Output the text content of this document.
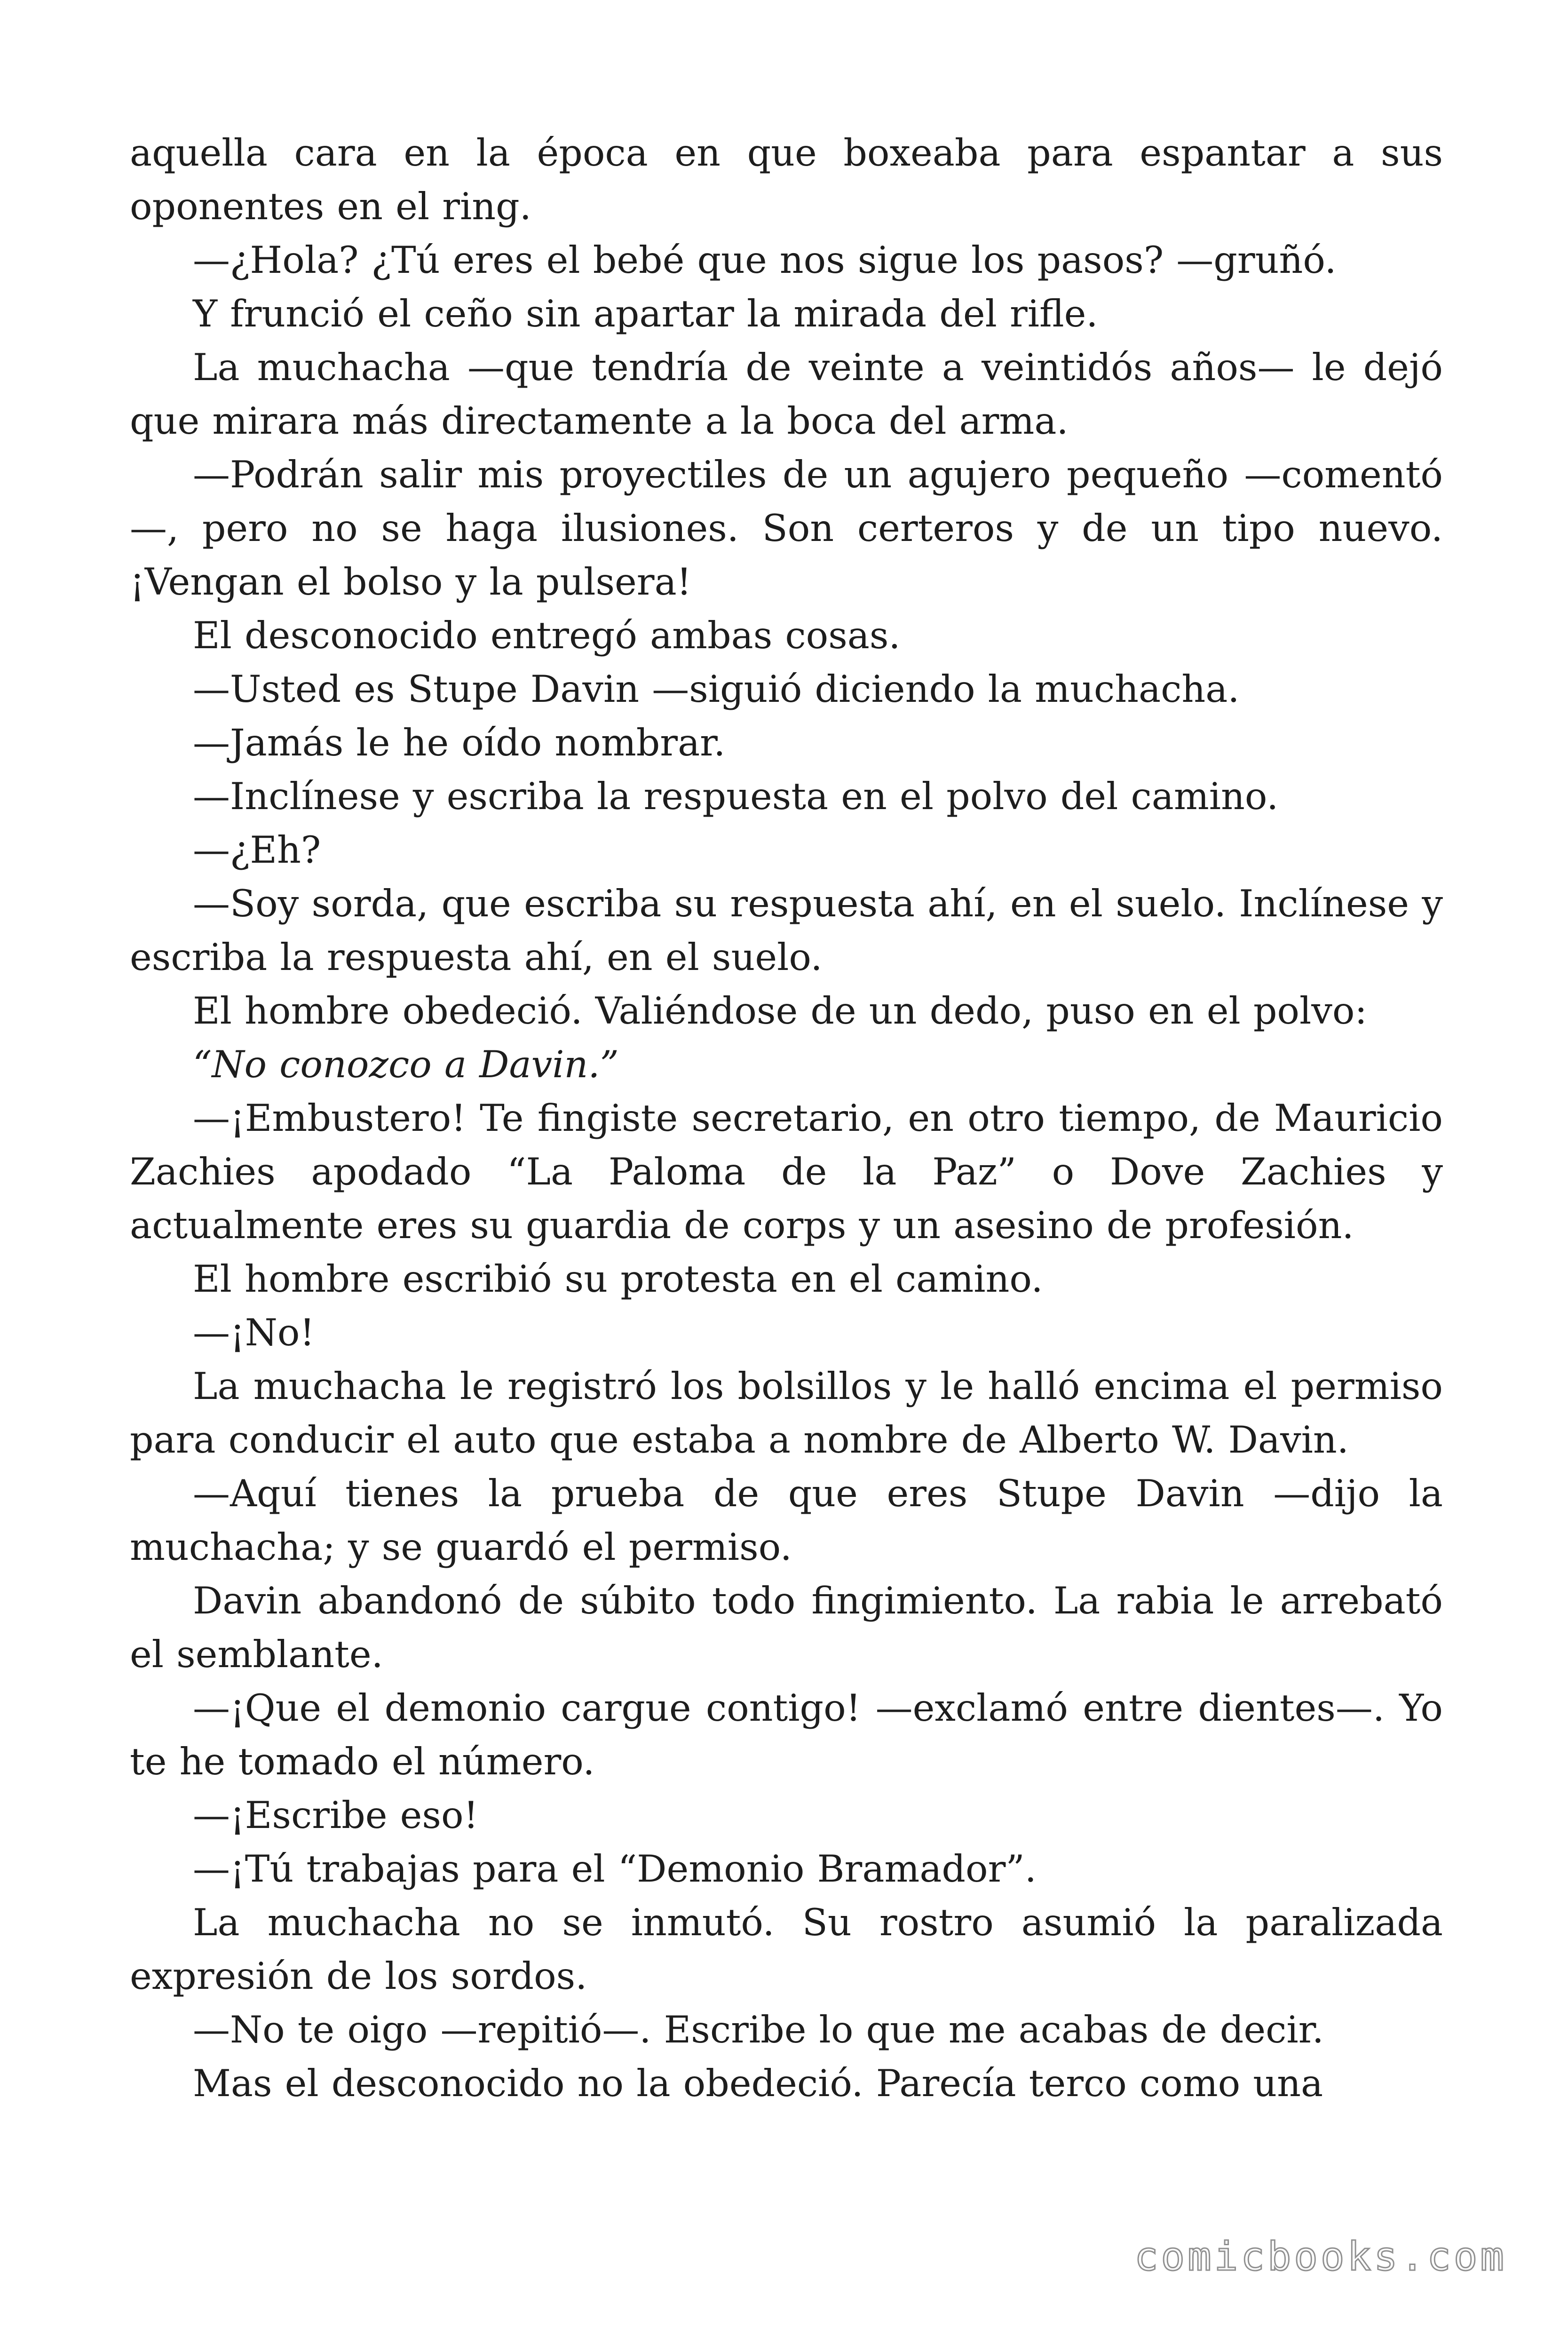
aquella cara en la época en que boxeaba para espantar a sus oponentes en el ring.

—¿Hola? ¿Tú eres el bebé que nos sigue los pasos? —gruñó.

Y frunció el ceño sin apartar la mirada del rifle.

La muchacha —que tendría de veinte a veintidós años— le dejó que mirara más directamente a la boca del arma.

—Podrán salir mis proyectiles de un agujero pequeño —comentó —, pero no se haga ilusiones. Son certeros y de un tipo nuevo. ¡Vengan el bolso y la pulsera!

El desconocido entregó ambas cosas.

—Usted es Stupe Davin —siguió diciendo la muchacha.

—Jamás le he oído nombrar.

—Inclínese y escriba la respuesta en el polvo del camino.

—¿Eh?

—Soy sorda, que escriba su respuesta ahí, en el suelo. Inclínese y escriba la respuesta ahí, en el suelo.

El hombre obedeció. Valiéndose de un dedo, puso en el polvo:

“No conozco a Davin.”

—¡Embustero! Te fingiste secretario, en otro tiempo, de Mauricio Zachies apodado “La Paloma de la Paz” o Dove Zachies y actualmente eres su guardia de corps y un asesino de profesión.

El hombre escribió su protesta en el camino.

—¡No!

La muchacha le registró los bolsillos y le halló encima el permiso para conducir el auto que estaba a nombre de Alberto W. Davin.

—Aquí tienes la prueba de que eres Stupe Davin —dijo la muchacha; y se guardó el permiso.

Davin abandonó de súbito todo fingimiento. La rabia le arrebató el semblante.

—¡Que el demonio cargue contigo! —exclamó entre dientes—. Yo te he tomado el número.

—¡Escribe eso!

—¡Tú trabajas para el “Demonio Bramador”.

La muchacha no se inmutó. Su rostro asumió la paralizada expresión de los sordos.

—No te oigo —repitió—. Escribe lo que me acabas de decir.

Mas el desconocido no la obedeció. Parecía terco como una

comicbooks.com
